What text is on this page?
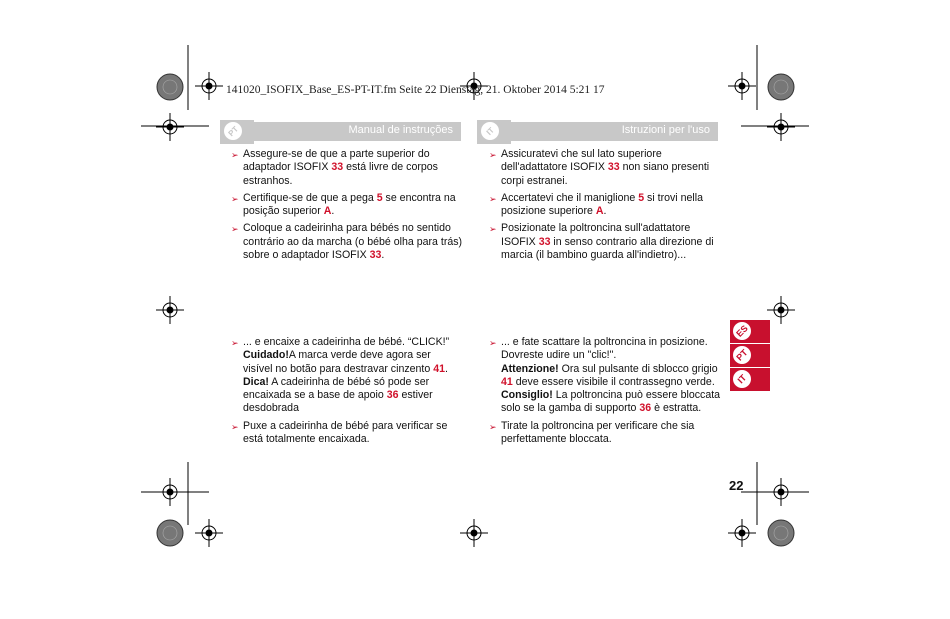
141020_ISOFIX_Base_ES-PT-IT.fm Seite 22 Dienstag, 21. Oktober 2014 5:21 17
PT	Manual de instruções	IT	Istruzioni per l'uso
➢ Assegure-se de que a parte superior do adaptador ISOFIX 33 está livre de corpos estranhos.
➢ Certifique-se de que a pega 5 se encontra na posição superior A.
➢ Coloque a cadeirinha para bébés no sentido contrário ao da marcha (o bébé olha para trás) sobre o adaptador ISOFIX 33.
➢ Assicuratevi che sul lato superiore dell'adattatore ISOFIX 33 non siano presenti corpi estranei.
➢ Accertatevi che il maniglione 5 si trovi nella posizione superiore A.
➢ Posizionate la poltroncina sull'adattatore ISOFIX 33 in senso contrario alla direzione di marcia (il bambino guarda all'indietro)...
➢ ... e encaixe a cadeirinha de bébé. “CLICK!”
Cuidado!A marca verde deve agora ser visível no botão para destravar cinzento 41.
Dica! A cadeirinha de bébé só pode ser encaixada se a base de apoio 36 estiver desdobrada
➢ Puxe a cadeirinha de bébé para verificar se está totalmente encaixada.
➢ ... e fate scattare la poltroncina in posizione. Dovreste udire un "clic!".
Attenzione! Ora sul pulsante di sblocco grigio 41 deve essere visibile il contrassegno verde.
Consiglio! La poltroncina può essere bloccata solo se la gamba di supporto 36 è estratta.
➢ Tirate la poltroncina per verificare che sia perfettamente bloccata.
ES
PT
IT
22
